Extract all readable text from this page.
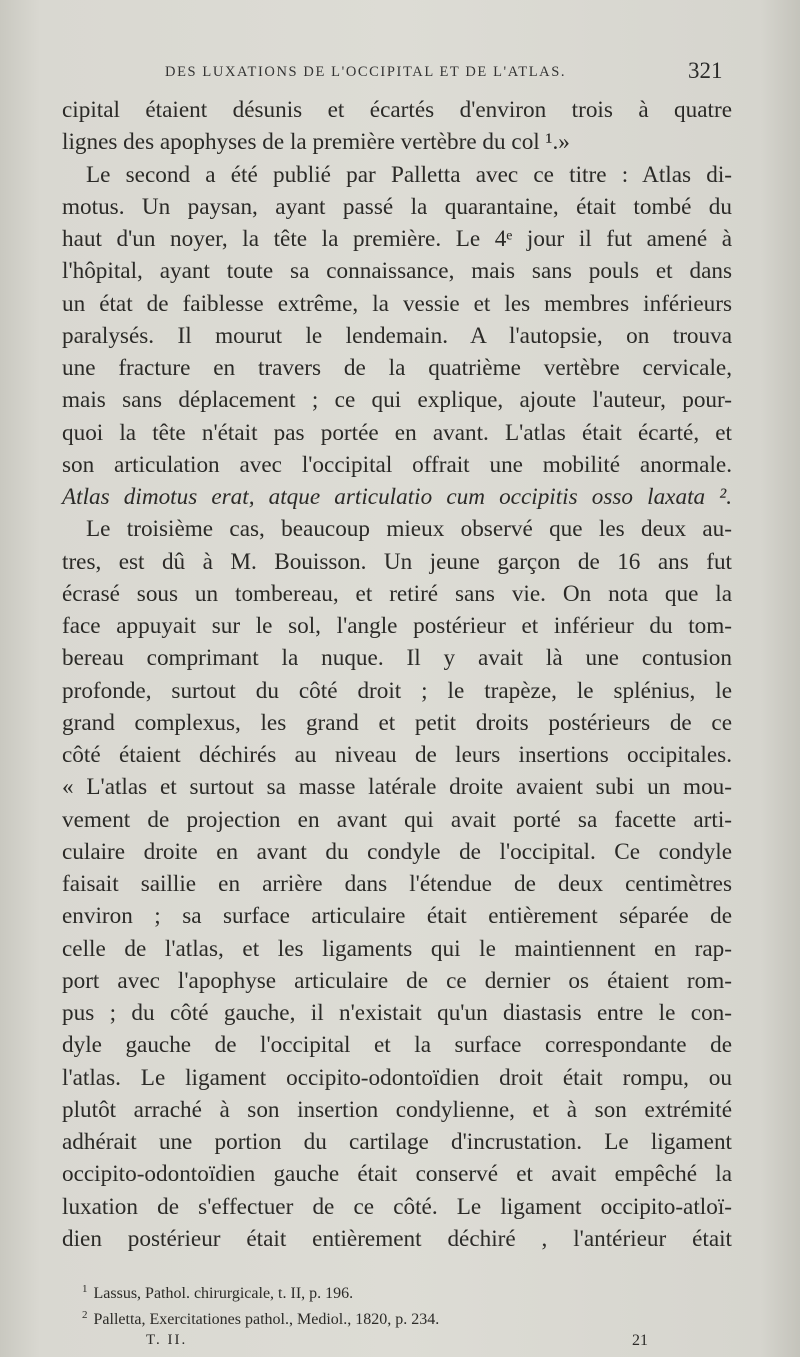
DES LUXATIONS DE L'OCCIPITAL ET DE L'ATLAS.	321
cipital étaient désunis et écartés d'environ trois à quatre
lignes des apophyses de la première vertèbre du col ¹.»
Le second a été publié par Palletta avec ce titre : Atlas di-
motus. Un paysan, ayant passé la quarantaine, était tombé du
haut d'un noyer, la tête la première. Le 4ᵉ jour il fut amené à
l'hôpital, ayant toute sa connaissance, mais sans pouls et dans
un état de faiblesse extrême, la vessie et les membres inférieurs
paralysés. Il mourut le lendemain. A l'autopsie, on trouva
une fracture en travers de la quatrième vertèbre cervicale,
mais sans déplacement ; ce qui explique, ajoute l'auteur, pour-
quoi la tête n'était pas portée en avant. L'atlas était écarté, et
son articulation avec l'occipital offrait une mobilité anormale.
Atlas dimotus erat, atque articulatio cum occipitis osso laxata ².
Le troisième cas, beaucoup mieux observé que les deux au-
tres, est dû à M. Bouisson. Un jeune garçon de 16 ans fut
écrasé sous un tombereau, et retiré sans vie. On nota que la
face appuyait sur le sol, l'angle postérieur et inférieur du tom-
bereau comprimant la nuque. Il y avait là une contusion
profonde, surtout du côté droit ; le trapèze, le splénius, le
grand complexus, les grand et petit droits postérieurs de ce
côté étaient déchirés au niveau de leurs insertions occipitales.
« L'atlas et surtout sa masse latérale droite avaient subi un mou-
vement de projection en avant qui avait porté sa facette arti-
culaire droite en avant du condyle de l'occipital. Ce condyle
faisait saillie en arrière dans l'étendue de deux centimètres
environ ; sa surface articulaire était entièrement séparée de
celle de l'atlas, et les ligaments qui le maintiennent en rap-
port avec l'apophyse articulaire de ce dernier os étaient rom-
pus ; du côté gauche, il n'existait qu'un diastasis entre le con-
dyle gauche de l'occipital et la surface correspondante de
l'atlas. Le ligament occipito-odontoïdien droit était rompu, ou
plutôt arraché à son insertion condylienne, et à son extrémité
adhérait une portion du cartilage d'incrustation. Le ligament
occipito-odontoïdien gauche était conservé et avait empêché la
luxation de s'effectuer de ce côté. Le ligament occipito-atloï-
dien postérieur était entièrement déchiré , l'antérieur était
$^1$ Lassus, Pathol. chirurgicale, t. II, p. 196.
$^2$ Palletta, Exercitationes pathol., Mediol., 1820, p. 234.
T. II.	21
